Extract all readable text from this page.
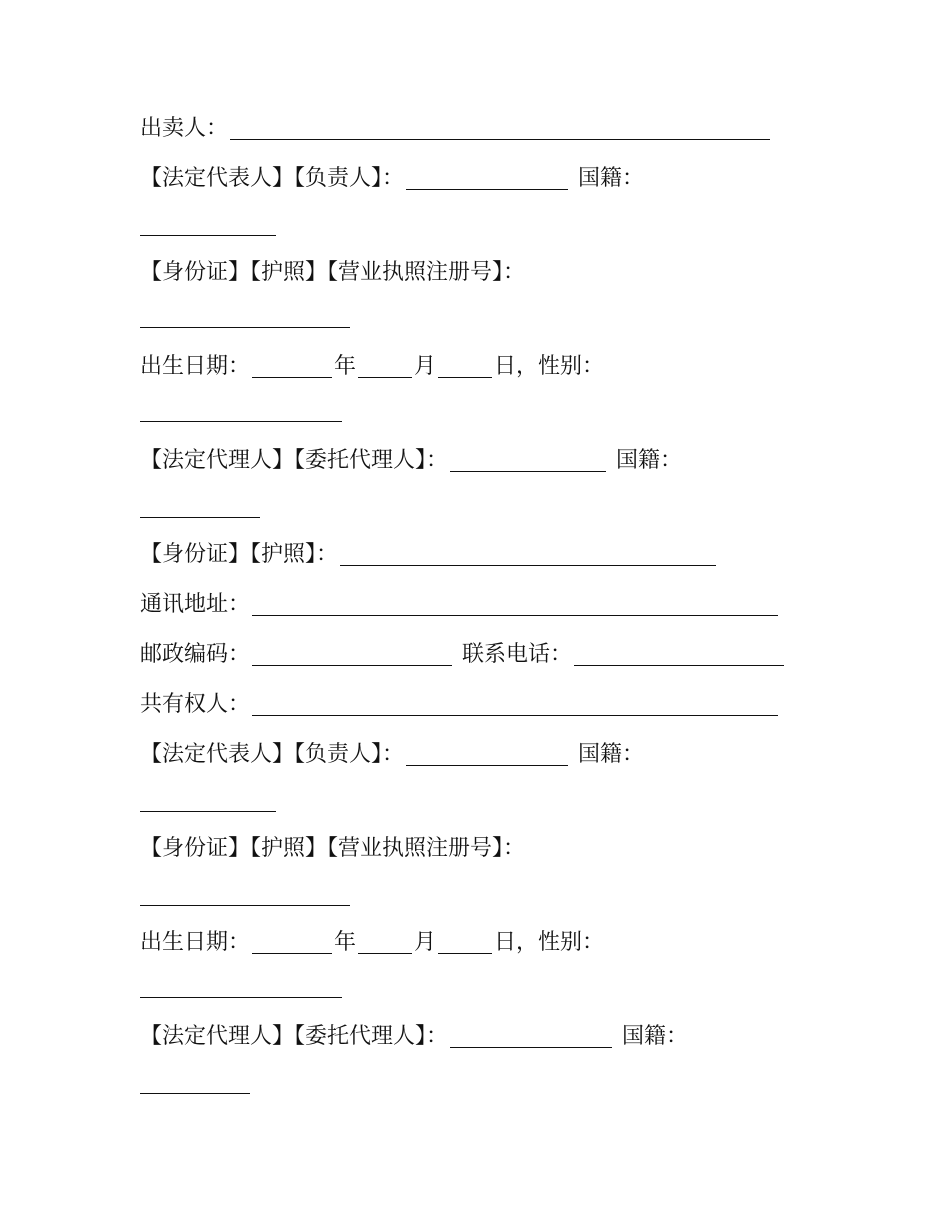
出卖人：
【法定代表人】【负责人】：	国籍：
【身份证】【护照】【营业执照注册号】：
出生日期：	年	月	日，性别：
【法定代理人】【委托代理人】：	国籍：
【身份证】【护照】：
通讯地址：
邮政编码：	联系电话：
共有权人：
【法定代表人】【负责人】：	国籍：
【身份证】【护照】【营业执照注册号】：
出生日期：	年	月	日，性别：
【法定代理人】【委托代理人】：	国籍：
